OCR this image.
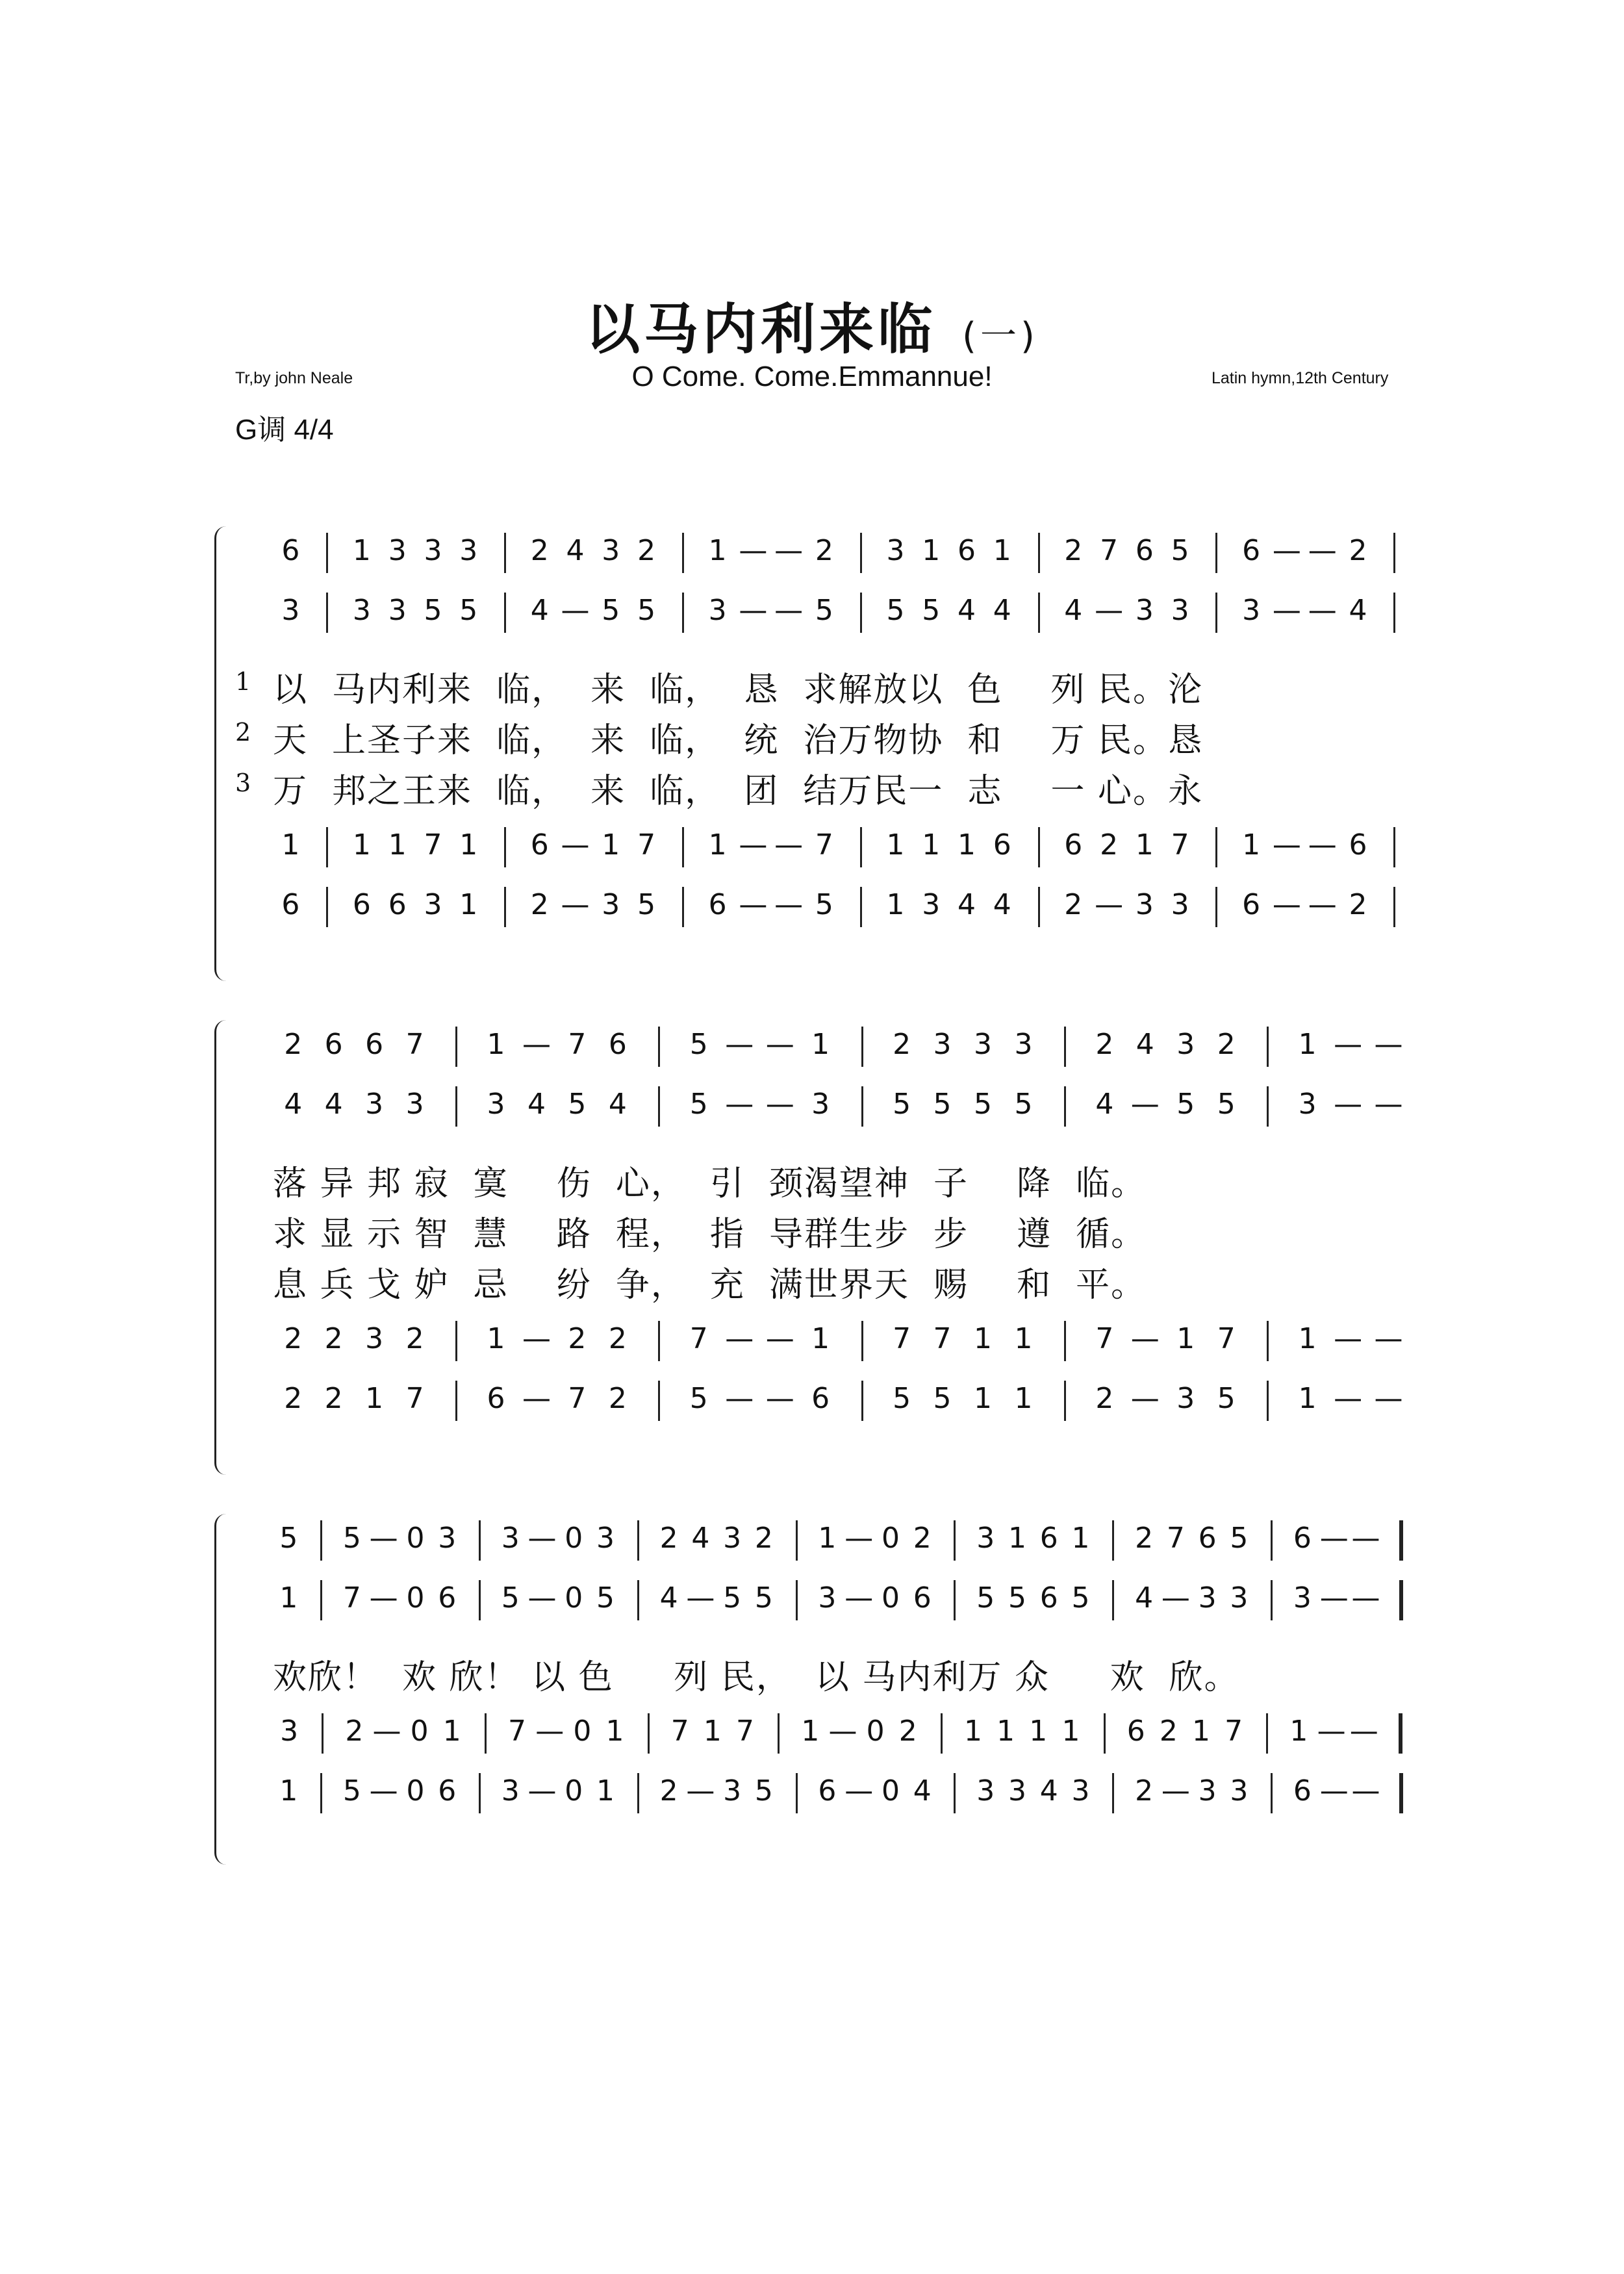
以马内利来临 (一)
O Come. Come.Emmannue!
Tr,by john Neale	Latin hymn,12th Century
G调 4/4
6	1 3 3 3	2 4 3 2	1 — — 2	3 1 6 1	2 7 6 5	6 — — 2
3	3 3 5 5	4 — 5 5	3 — — 5	5 5 4 4	4 — 3 3	3 — — 4
1 以  马内利来  临，  来  临，  恳  求解放以  色    列 民。沦
2 天  上圣子来  临，  来  临，  统  治万物协  和    万 民。恳
3 万  邦之王来  临，  来  临，  团  结万民一  志    一 心。永
1	1 1 7 1	6 — 1 7	1 — — 7	1 1 1 6	6 2 1 7	1 — — 6
6	6 6 3 1	2 — 3 5	6 — — 5	1 3 4 4	2 — 3 3	6 — — 2
2 6 6 7	1 — 7 6	5 — — 1	2 3 3 3	2 4 3 2	1 — —
4 4 3 3	3 4 5 4	5 — — 3	5 5 5 5	4 — 5 5	3 — —
落 异 邦 寂  寞    伤  心，  引  颈渴望神  子    降  临。
求 显 示 智  慧    路  程，  指  导群生步  步    遵  循。
息 兵 戈 妒  忌    纷  争，  充  满世界天  赐    和  平。
2 2 3 2	1 — 2 2	7 — — 1	7 7 1 1	7 — 1 7	1 — —
2 2 1 7	6 — 7 2	5 — — 6	5 5 1 1	2 — 3 5	1 — —
5	5 — 0 3	3 — 0 3	2 4 3 2	1 — 0 2	3 1 6 1	2 7 6 5	6 — —
1	7 — 0 6	5 — 0 5	4 — 5 5	3 — 0 6	5 5 6 5	4 — 3 3	3 — —
欢欣！  欢 欣！ 以 色     列 民，  以 马内利万 众     欢  欣。
3	2 — 0 1	7 — 0 1	7 1 7	1 — 0 2	1 1 1 1	6 2 1 7	1 — —
1	5 — 0 6	3 — 0 1	2 — 3 5	6 — 0 4	3 3 4 3	2 — 3 3	6 — —
